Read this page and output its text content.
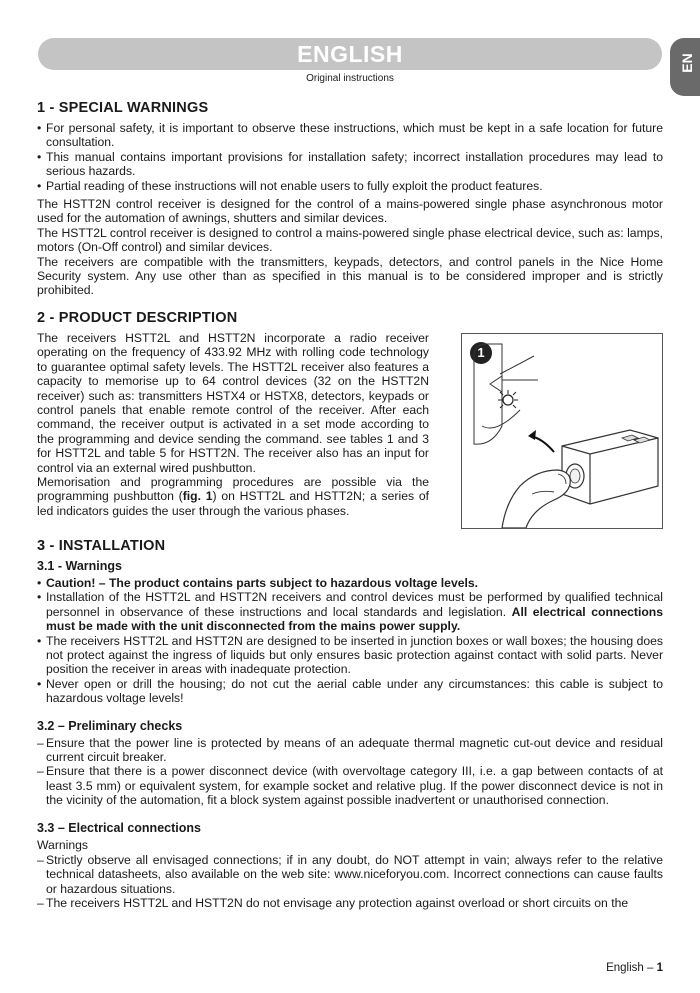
ENGLISH
Original instructions
EN
1 - SPECIAL WARNINGS
• For personal safety, it is important to observe these instructions, which must be kept in a safe location for future consultation.
• This manual contains important provisions for installation safety; incorrect installation procedures may lead to serious hazards.
• Partial reading of these instructions will not enable users to fully exploit the product features.

The HSTT2N control receiver is designed for the control of a mains-powered single phase asynchronous motor used for the automation of awnings, shutters and similar devices.

The HSTT2L control receiver is designed to control a mains-powered single phase electrical device, such as: lamps, motors (On-Off control) and similar devices.

The receivers are compatible with the transmitters, keypads, detectors, and control panels in the Nice Home Security system. Any use other than as specified in this manual is to be considered improper and is strictly prohibited.

2 - PRODUCT DESCRIPTION

The receivers HSTT2L and HSTT2N incorporate a radio receiver operating on the frequency of 433.92 MHz with rolling code technology to guarantee optimal safety levels. The HSTT2L receiver also features a capacity to memorise up to 64 control devices (32 on the HSTT2N receiver) such as: transmitters HSTX4 or HSTX8, detectors, keypads or control panels that enable remote control of the receiver. After each command, the receiver output is activated in a set mode according to the programming and device sending the command. see tables 1 and 3 for HSTT2L and table 5 for HSTT2N. The receiver also has an input for control via an external wired pushbutton.

Memorisation and programming procedures are possible via the programming pushbutton (fig. 1) on HSTT2L and HSTT2N; a series of led indicators guides the user through the various phases.

1
3 - INSTALLATION
3.1 - Warnings
• Caution! – The product contains parts subject to hazardous voltage levels.
• Installation of the HSTT2L and HSTT2N receivers and control devices must be performed by qualified technical personnel in observance of these instructions and local standards and legislation. All electrical connections must be made with the unit disconnected from the mains power supply.
• The receivers HSTT2L and HSTT2N are designed to be inserted in junction boxes or wall boxes; the housing does not protect against the ingress of liquids but only ensures basic protection against contact with solid parts. Never position the receiver in areas with inadequate protection.
• Never open or drill the housing; do not cut the aerial cable under any circumstances: this cable is subject to hazardous voltage levels!
3.2 – Preliminary checks
– Ensure that the power line is protected by means of an adequate thermal magnetic cut-out device and residual current circuit breaker.
– Ensure that there is a power disconnect device (with overvoltage category III, i.e. a gap between contacts of at least 3.5 mm) or equivalent system, for example socket and relative plug. If the power disconnect device is not in the vicinity of the automation, fit a block system against possible inadvertent or unauthorised connection.
3.3 – Electrical connections

Warnings

– Strictly observe all envisaged connections; if in any doubt, do NOT attempt in vain; always refer to the relative technical datasheets, also available on the web site: www.niceforyou.com. Incorrect connections can cause faults or hazardous situations.
– The receivers HSTT2L and HSTT2N do not envisage any protection against overload or short circuits on the
English – 1
